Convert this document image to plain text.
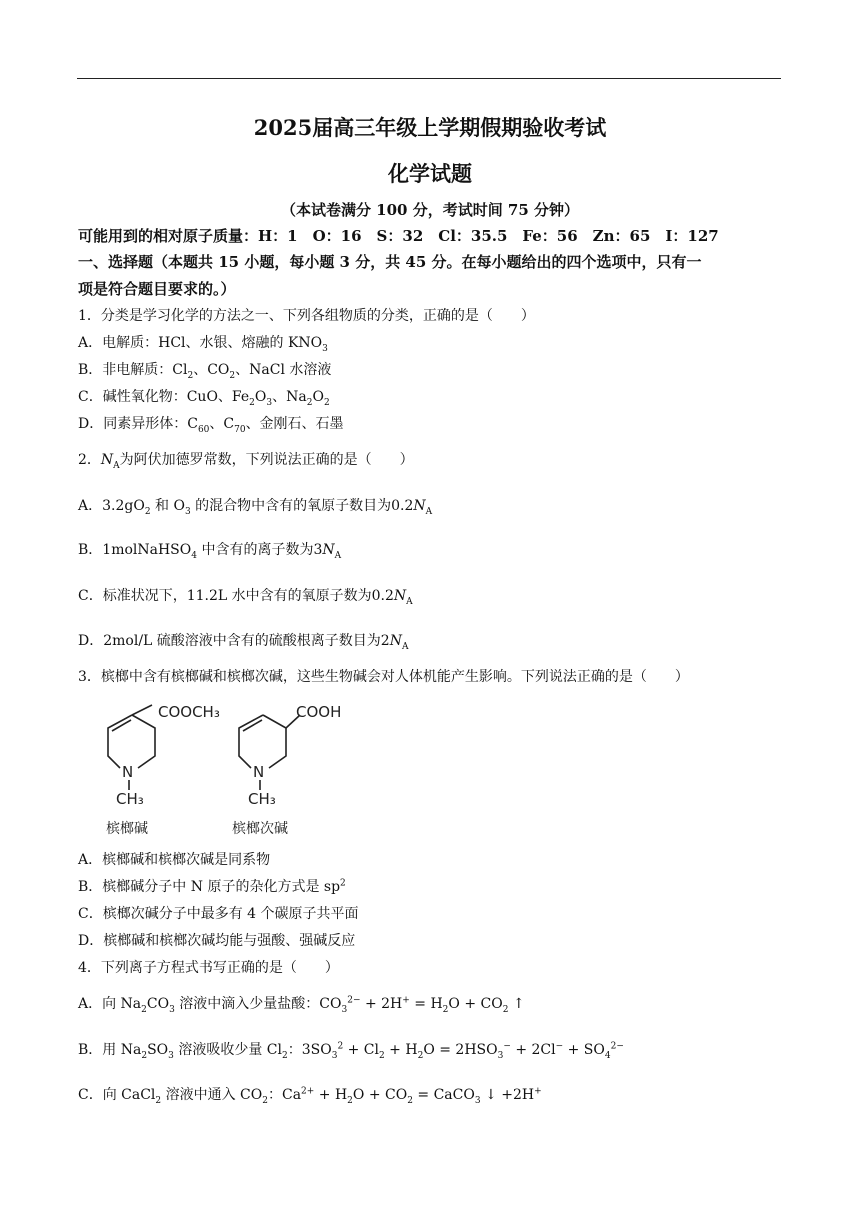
2025届高三年级上学期假期验收考试
化学试题
（本试卷满分 100 分，考试时间 75 分钟）
可能用到的相对原子质量：H：1　O：16　S：32　Cl：35.5　Fe：56　Zn：65　I：127
一、选择题（本题共 15 小题，每小题 3 分，共 45 分。在每小题给出的四个选项中，只有一
项是符合题目要求的。）
1．分类是学习化学的方法之一、下列各组物质的分类，正确的是（　　）
A．电解质：HCl、水银、熔融的 $KNO_3$
B．非电解质：$Cl_2$、$CO_2$、NaCl 水溶液
C．碱性氧化物：CuO、$Fe_2O_3$、$Na_2O_2$
D．同素异形体：$C_{60}$、$C_{70}$、金刚石、石墨
2．$N_A$为阿伏加德罗常数，下列说法正确的是（　　）
A．$3.2gO_2$ 和 $O_3$ 的混合物中含有的氧原子数目为$0.2N_A$
B．1molNaHSO$_4$ 中含有的离子数为$3N_A$
C．标准状况下，11.2L 水中含有的氧原子数为$0.2N_A$
D．2mol/L 硫酸溶液中含有的硫酸根离子数目为$2N_A$
3．槟榔中含有槟榔碱和槟榔次碱，这些生物碱会对人体机能产生影响。下列说法正确的是（　　）
COOCH₃
N
CH₃
槟榔碱
COOH
N
CH₃
槟榔次碱
A．槟榔碱和槟榔次碱是同系物
B．槟榔碱分子中 N 原子的杂化方式是 $sp^2$
C．槟榔次碱分子中最多有 4 个碳原子共平面
D．槟榔碱和槟榔次碱均能与强酸、强碱反应
4．下列离子方程式书写正确的是（　　）
A．向 $Na_2CO_3$ 溶液中滴入少量盐酸：$CO_3^{2-} + 2H^+ = H_2O + CO_2$ ↑
B．用 $Na_2SO_3$ 溶液吸收少量 $Cl_2$：$3SO_3^2 + Cl_2 + H_2O = 2HSO_3^- + 2Cl^- + SO_4^{2-}$
C．向 CaCl$_2$ 溶液中通入 $CO_2$：$Ca^{2+} + H_2O + CO_2$ = CaCO$_3$ ↓ +2H+
